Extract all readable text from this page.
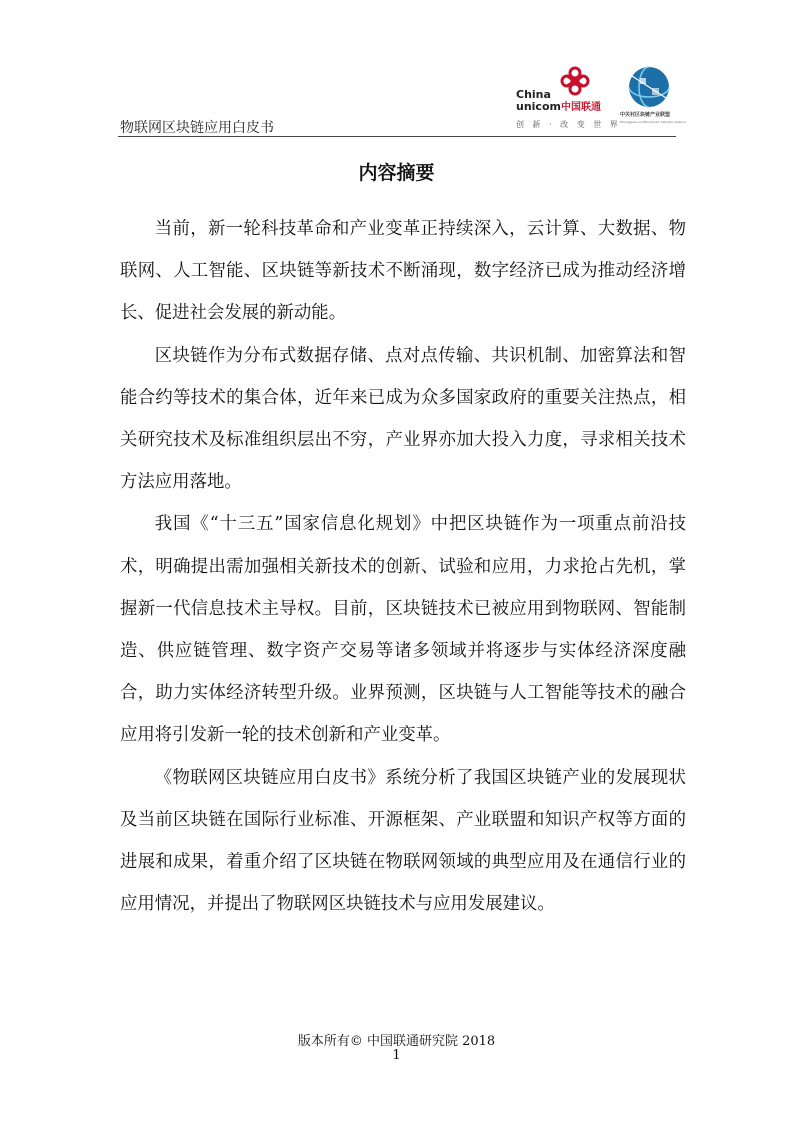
物联网区块链应用白皮书
China
unicom中国联通
创 新 · 改 变 世 界
中关村区块链产业联盟
Zhongguancun Blockchain Industry Alliance
内容摘要

当前，新一轮科技革命和产业变革正持续深入，云计算、大数据、物联网、人工智能、区块链等新技术不断涌现，数字经济已成为推动经济增长、促进社会发展的新动能。

区块链作为分布式数据存储、点对点传输、共识机制、加密算法和智能合约等技术的集合体，近年来已成为众多国家政府的重要关注热点，相关研究技术及标准组织层出不穷，产业界亦加大投入力度，寻求相关技术方法应用落地。

我国《“十三五”国家信息化规划》中把区块链作为一项重点前沿技术，明确提出需加强相关新技术的创新、试验和应用，力求抢占先机，掌握新一代信息技术主导权。目前，区块链技术已被应用到物联网、智能制造、供应链管理、数字资产交易等诸多领域并将逐步与实体经济深度融合，助力实体经济转型升级。业界预测，区块链与人工智能等技术的融合应用将引发新一轮的技术创新和产业变革。

《物联网区块链应用白皮书》系统分析了我国区块链产业的发展现状及当前区块链在国际行业标准、开源框架、产业联盟和知识产权等方面的进展和成果，着重介绍了区块链在物联网领域的典型应用及在通信行业的应用情况，并提出了物联网区块链技术与应用发展建议。

版本所有© 中国联通研究院 2018
1
